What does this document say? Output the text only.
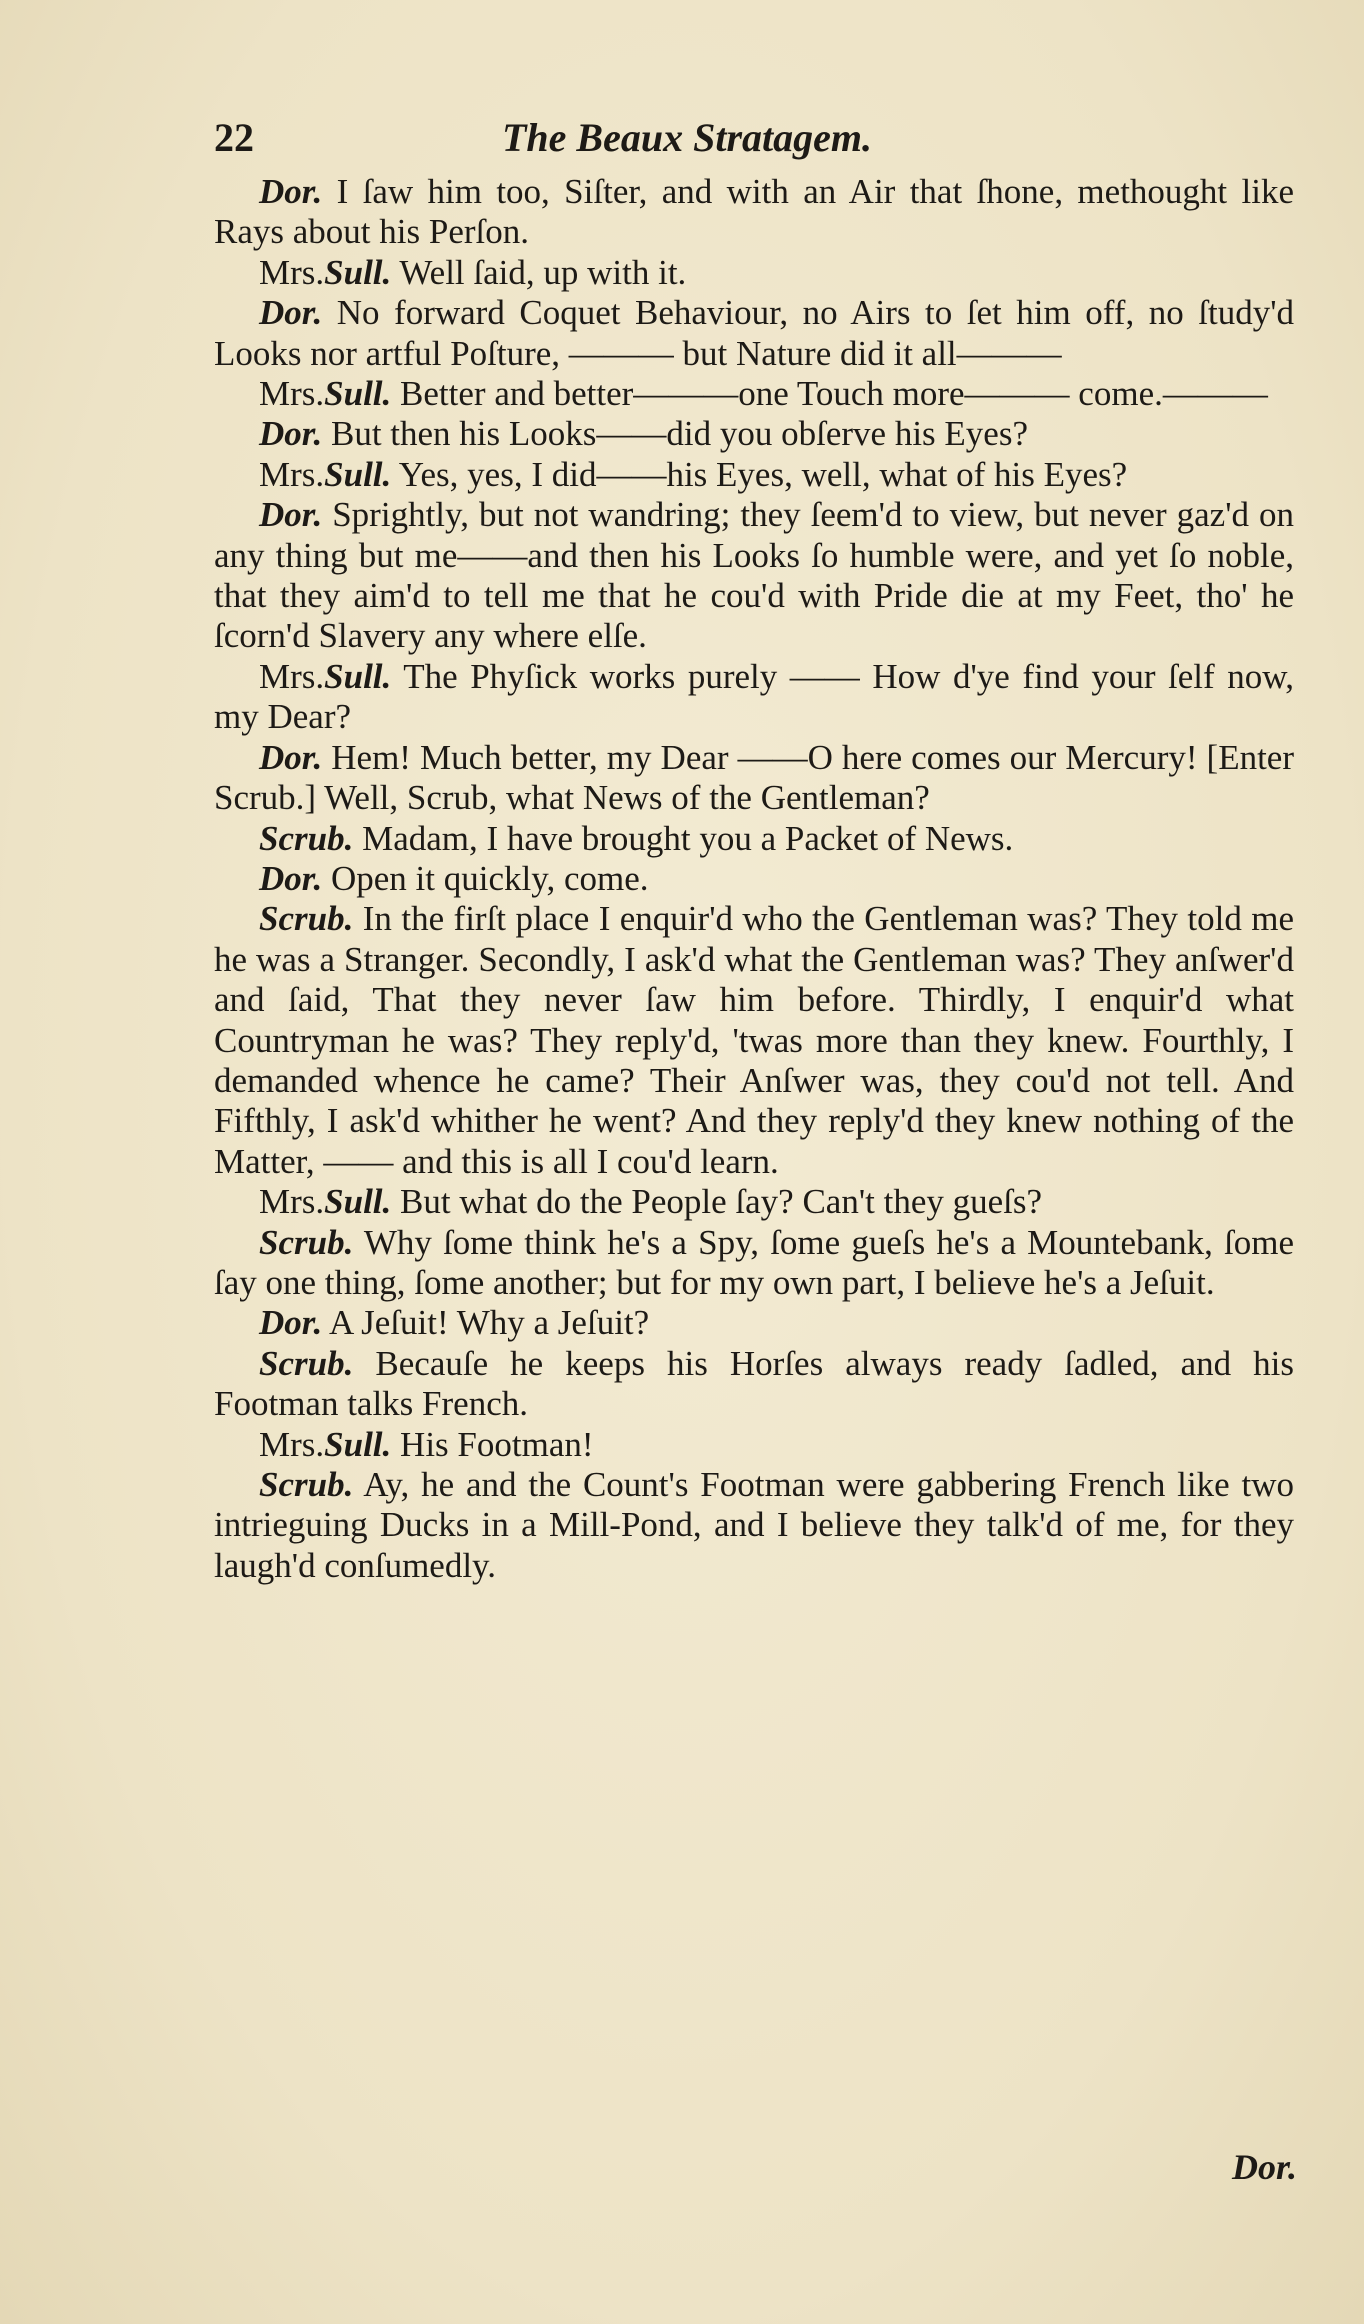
22	The Beaux Stratagem.

Dor. I ſaw him too, Siſter, and with an Air that ſhone, methought like Rays about his Perſon.

Mrs.Sull. Well ſaid, up with it.

Dor. No forward Coquet Behaviour, no Airs to ſet him off, no ſtudy'd Looks nor artful Poſture, ——— but Nature did it all———

Mrs.Sull. Better and better———one Touch more——— come.———

Dor. But then his Looks——did you obſerve his Eyes?

Mrs.Sull. Yes, yes, I did——his Eyes, well, what of his Eyes?

Dor. Sprightly, but not wandring; they ſeem'd to view, but never gaz'd on any thing but me——and then his Looks ſo humble were, and yet ſo noble, that they aim'd to tell me that he cou'd with Pride die at my Feet, tho' he ſcorn'd Slavery any where elſe.

Mrs.Sull. The Phyſick works purely —— How d'ye find your ſelf now, my Dear?

Dor. Hem! Much better, my Dear ——O here comes our Mercury! [Enter Scrub.] Well, Scrub, what News of the Gentleman?

Scrub. Madam, I have brought you a Packet of News.

Dor. Open it quickly, come.

Scrub. In the firſt place I enquir'd who the Gentleman was? They told me he was a Stranger. Secondly, I ask'd what the Gentleman was? They anſwer'd and ſaid, That they never ſaw him before. Thirdly, I enquir'd what Countryman he was? They reply'd, 'twas more than they knew. Fourthly, I demanded whence he came? Their Anſwer was, they cou'd not tell. And Fifthly, I ask'd whither he went? And they reply'd they knew nothing of the Matter, —— and this is all I cou'd learn.

Mrs.Sull. But what do the People ſay? Can't they gueſs?

Scrub. Why ſome think he's a Spy, ſome gueſs he's a Mountebank, ſome ſay one thing, ſome another; but for my own part, I believe he's a Jeſuit.

Dor. A Jeſuit! Why a Jeſuit?

Scrub. Becauſe he keeps his Horſes always ready ſadled, and his Footman talks French.

Mrs.Sull. His Footman!

Scrub. Ay, he and the Count's Footman were gabbering French like two intrieguing Ducks in a Mill-Pond, and I believe they talk'd of me, for they laugh'd conſumedly.

Dor.
